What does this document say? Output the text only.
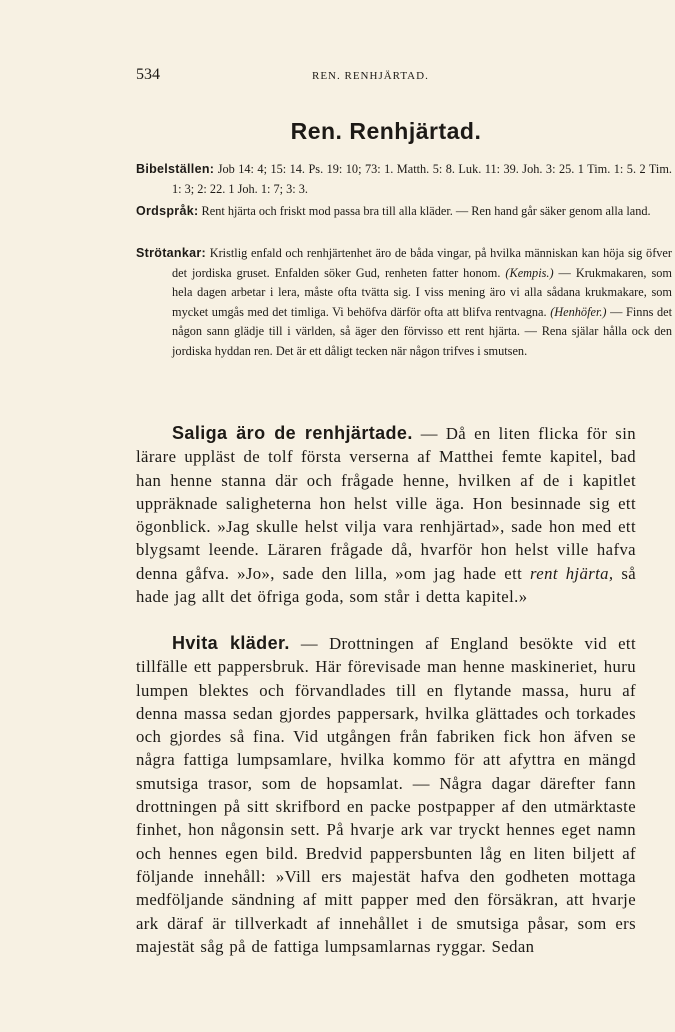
534	REN. RENHJÄRTAD.
Ren. Renhjärtad.
Bibelställen: Job 14: 4; 15: 14. Ps. 19: 10; 73: 1. Matth. 5: 8. Luk. 11: 39. Joh. 3: 25. 1 Tim. 1: 5. 2 Tim. 1: 3; 2: 22. 1 Joh. 1: 7; 3: 3.
Ordspråk: Rent hjärta och friskt mod passa bra till alla kläder. — Ren hand går säker genom alla land.
Strötankar: Kristlig enfald och renhjärtenhet äro de båda vingar, på hvilka människan kan höja sig öfver det jordiska gruset. Enfalden söker Gud, renheten fatter honom. (Kempis.) — Krukmakaren, som hela dagen arbetar i lera, måste ofta tvätta sig. I viss mening äro vi alla sådana krukmakare, som mycket umgås med det timliga. Vi behöfva därför ofta att blifva rentvagna. (Henhöfer.) — Finns det någon sann glädje till i världen, så äger den förvisso ett rent hjärta. — Rena själar hålla ock den jordiska hyddan ren. Det är ett dåligt tecken när någon trifves i smutsen.
Saliga äro de renhjärtade. — Då en liten flicka för sin lärare uppläst de tolf första verserna af Matthei femte kapitel, bad han henne stanna där och frågade henne, hvilken af de i kapitlet uppräknade saligheterna hon helst ville äga. Hon besinnade sig ett ögonblick. »Jag skulle helst vilja vara renhjärtad», sade hon med ett blygsamt leende. Läraren frågade då, hvarför hon helst ville hafva denna gåfva. »Jo», sade den lilla, »om jag hade ett rent hjärta, så hade jag allt det öfriga goda, som står i detta kapitel.»
Hvita kläder. — Drottningen af England besökte vid ett tillfälle ett pappersbruk. Här förevisade man henne maskineriet, huru lumpen blektes och förvandlades till en flytande massa, huru af denna massa sedan gjordes pappersark, hvilka glättades och torkades och gjordes så fina. Vid utgången från fabriken fick hon äfven se några fattiga lumpsamlare, hvilka kommo för att afyttra en mängd smutsiga trasor, som de hopsamlat. — Några dagar därefter fann drottningen på sitt skrifbord en packe postpapper af den utmärktaste finhet, hon någonsin sett. På hvarje ark var tryckt hennes eget namn och hennes egen bild. Bredvid pappersbunten låg en liten biljett af följande innehåll: »Vill ers majestät hafva den godheten mottaga medföljande sändning af mitt papper med den försäkran, att hvarje ark däraf är tillverkadt af innehållet i de smutsiga påsar, som ers majestät såg på de fattiga lumpsamlarnas ryggar. Sedan
